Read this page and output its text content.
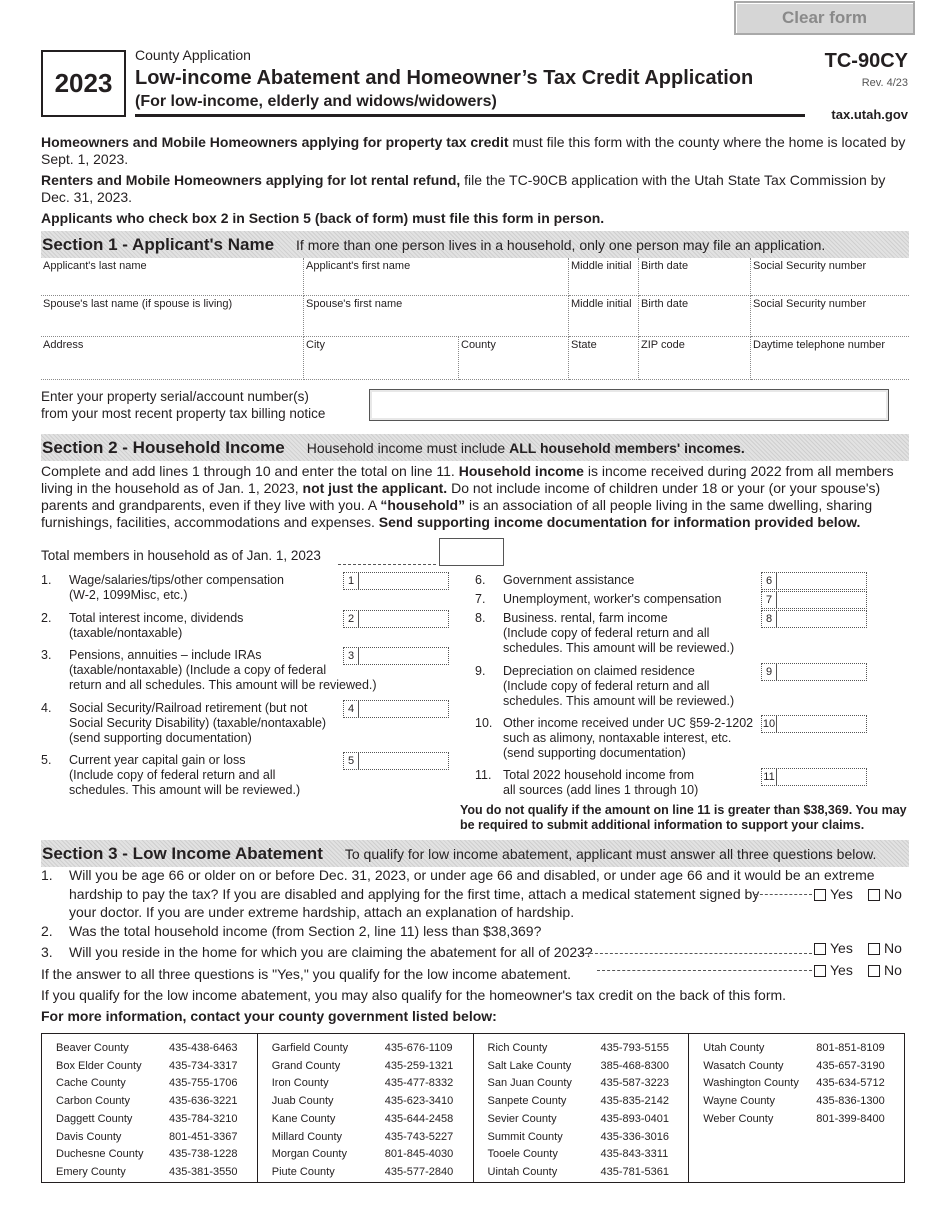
Clear form
2023
County Application
Low-income Abatement and Homeowner’s Tax Credit Application
(For low-income, elderly and widows/widowers)
TC-90CY
Rev. 4/23
tax.utah.gov
Homeowners and Mobile Homeowners applying for property tax credit must file this form with the county where the home is located by Sept. 1, 2023.
Renters and Mobile Homeowners applying for lot rental refund, file the TC-90CB application with the Utah State Tax Commission by Dec. 31, 2023.
Applicants who check box 2 in Section 5 (back of form) must file this form in person.
Section 1 - Applicant's Name If more than one person lives in a household, only one person may file an application.
Applicant's last name	Applicant's first name	Middle initial Birth date	Social Security number
Spouse's last name (if spouse is living)	Spouse's first name	Middle initial Birth date	Social Security number
Address	City	County	State	ZIP code	Daytime telephone number
Enter your property serial/account number(s)
from your most recent property tax billing notice
Section 2 - Household Income Household income must include ALL household members' incomes.
Complete and add lines 1 through 10 and enter the total on line 11. Household income is income received during 2022 from all members living in the household as of Jan. 1, 2023, not just the applicant. Do not include income of children under 18 or your (or your spouse's) parents and grandparents, even if they live with you. A “household” is an association of all people living in the same dwelling, sharing furnishings, facilities, accommodations and expenses. Send supporting income documentation for information provided below.
Total members in household as of Jan. 1, 2023
1. Wage/salaries/tips/other compensation
(W-2, 1099Misc, etc.)
1
2. Total interest income, dividends
(taxable/nontaxable)
2
3. Pensions, annuities – include IRAs
(taxable/nontaxable) (Include a copy of federal
return and all schedules. This amount will be reviewed.)
3
4. Social Security/Railroad retirement (but not
Social Security Disability) (taxable/nontaxable)
(send supporting documentation)
4
5. Current year capital gain or loss
(Include copy of federal return and all
schedules. This amount will be reviewed.)
5
6. Government assistance	6
7. Unemployment, worker's compensation	7
8. Business. rental, farm income
(Include copy of federal return and all
schedules. This amount will be reviewed.)
8
9. Depreciation on claimed residence
(Include copy of federal return and all
schedules. This amount will be reviewed.)
9
10. Other income received under UC §59-2-1202
such as alimony, nontaxable interest, etc.
(send supporting documentation)
10
11. Total 2022 household income from
all sources (add lines 1 through 10)
11
You do not qualify if the amount on line 11 is greater than $38,369. You may
be required to submit additional information to support your claims.
Section 3 - Low Income Abatement To qualify for low income abatement, applicant must answer all three questions below.
1. Will you be age 66 or older on or before Dec. 31, 2023, or under age 66 and disabled, or under age 66 and it would be an extreme
hardship to pay the tax? If you are disabled and applying for the first time, attach a medical statement signed by
your doctor. If you are under extreme hardship, attach an explanation of hardship.
Yes	No
2. Was the total household income (from Section 2, line 11) less than $38,369?
3. Will you reside in the home for which you are claiming the abatement for all of 2023?	Yes	No
If the answer to all three questions is "Yes," you qualify for the low income abatement.	Yes	No
If you qualify for the low income abatement, you may also qualify for the homeowner's tax credit on the back of this form.
For more information, contact your county government listed below:
Beaver County	435-438-6463
Box Elder County	435-734-3317
Cache County	435-755-1706
Carbon County	435-636-3221
Daggett County	435-784-3210
Davis County	801-451-3367
Duchesne County	435-738-1228
Emery County	435-381-3550
Garfield County	435-676-1109
Grand County	435-259-1321
Iron County	435-477-8332
Juab County	435-623-3410
Kane County	435-644-2458
Millard County	435-743-5227
Morgan County	801-845-4030
Piute County	435-577-2840
Rich County	435-793-5155
Salt Lake County	385-468-8300
San Juan County	435-587-3223
Sanpete County	435-835-2142
Sevier County	435-893-0401
Summit County	435-336-3016
Tooele County	435-843-3311
Uintah County	435-781-5361
Utah County	801-851-8109
Wasatch County	435-657-3190
Washington County	435-634-5712
Wayne County	435-836-1300
Weber County	801-399-8400
